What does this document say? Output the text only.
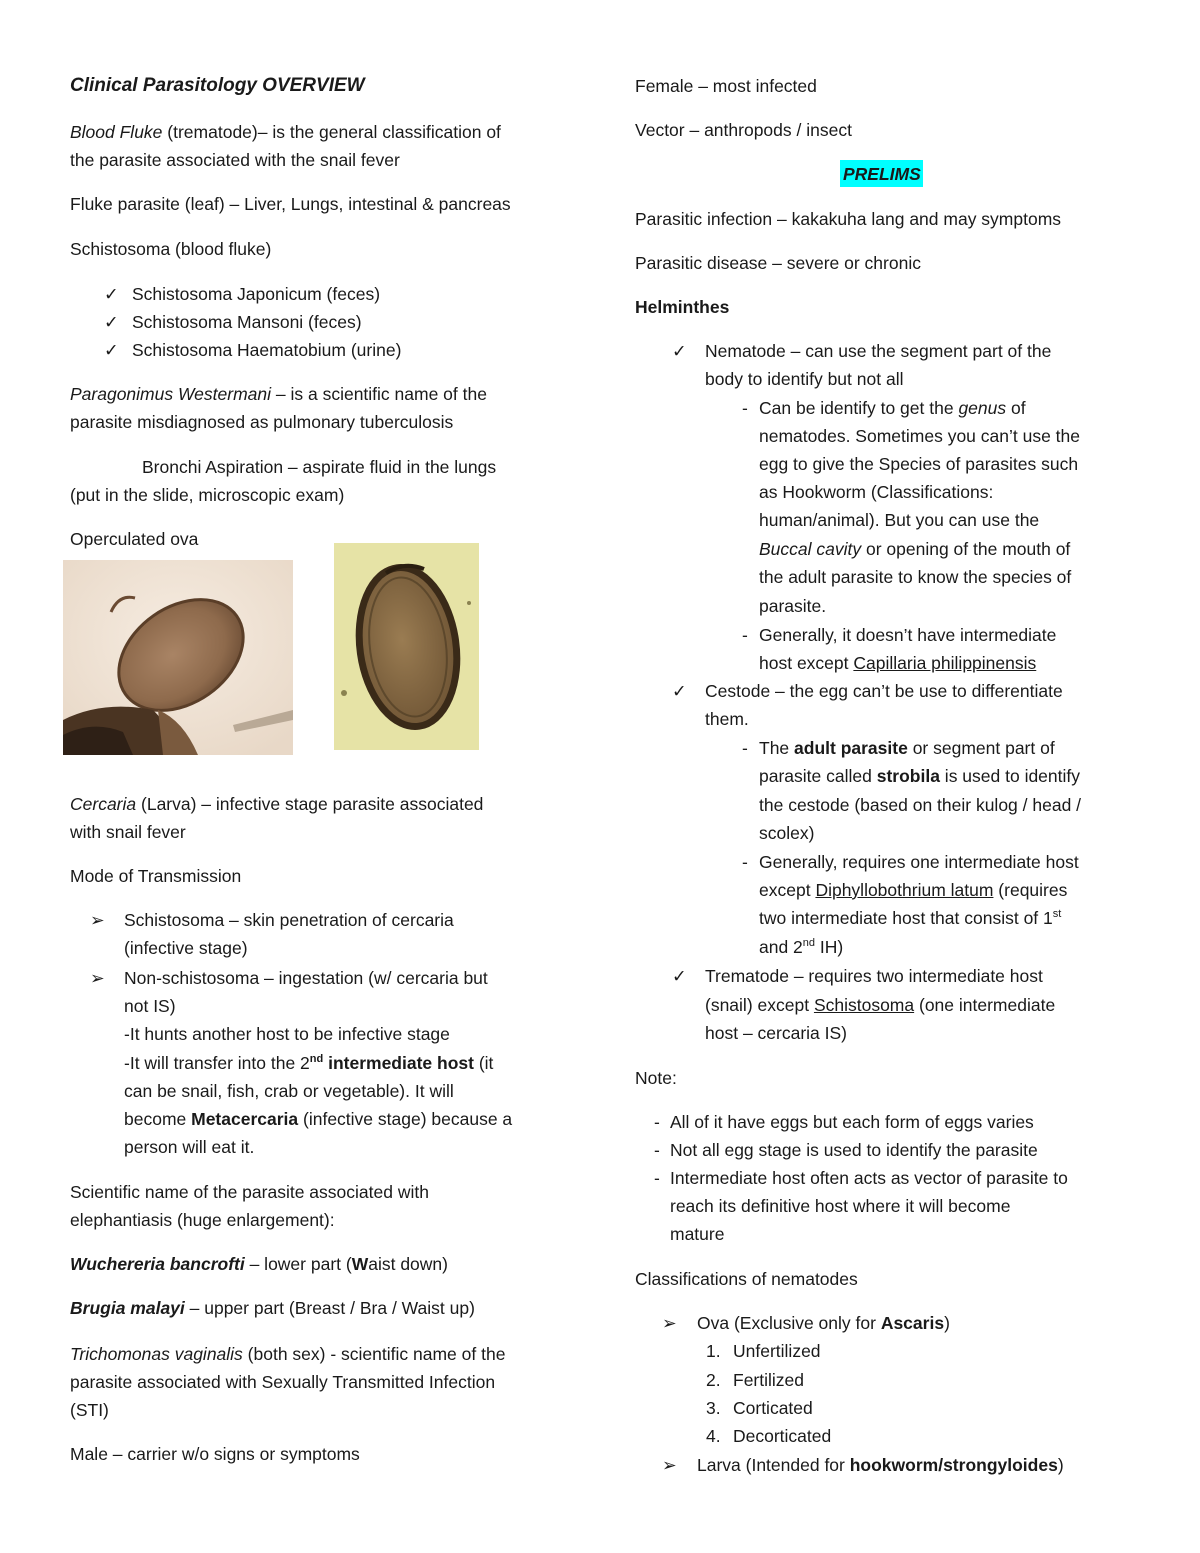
Clinical Parasitology OVERVIEW
Blood Fluke (trematode)– is the general classification of
the parasite associated with the snail fever
Fluke parasite (leaf) – Liver, Lungs, intestinal & pancreas
Schistosoma (blood fluke)
✓ Schistosoma Japonicum (feces)
✓ Schistosoma Mansoni (feces)
✓ Schistosoma Haematobium (urine)
Paragonimus Westermani – is a scientific name of the
parasite misdiagnosed as pulmonary tuberculosis
Bronchi Aspiration – aspirate fluid in the lungs
(put in the slide, microscopic exam)
Operculated ova
Cercaria (Larva) – infective stage parasite associated
with snail fever
Mode of Transmission
➢ Schistosoma – skin penetration of cercaria
(infective stage)
➢ Non-schistosoma – ingestation (w/ cercaria but
not IS)
-It hunts another host to be infective stage
-It will transfer into the 2nd intermediate host (it
can be snail, fish, crab or vegetable). It will
become Metacercaria (infective stage) because a
person will eat it.
Scientific name of the parasite associated with
elephantiasis (huge enlargement):
Wuchereria bancrofti – lower part (Waist down)
Brugia malayi – upper part (Breast / Bra / Waist up)
Trichomonas vaginalis (both sex) - scientific name of the
parasite associated with Sexually Transmitted Infection
(STI)
Male – carrier w/o signs or symptoms
Female – most infected
Vector – anthropods / insect
PRELIMS
Parasitic infection – kakakuha lang and may symptoms
Parasitic disease – severe or chronic
Helminthes
✓ Nematode – can use the segment part of the
body to identify but not all
- Can be identify to get the genus of
nematodes. Sometimes you can’t use the
egg to give the Species of parasites such
as Hookworm (Classifications:
human/animal). But you can use the
Buccal cavity or opening of the mouth of
the adult parasite to know the species of
parasite.
- Generally, it doesn’t have intermediate
host except Capillaria philippinensis
✓ Cestode – the egg can’t be use to differentiate
them.
- The adult parasite or segment part of
parasite called strobila is used to identify
the cestode (based on their kulog / head /
scolex)
- Generally, requires one intermediate host
except Diphyllobothrium latum (requires
two intermediate host that consist of 1st
and 2nd IH)
✓ Trematode – requires two intermediate host
(snail) except Schistosoma (one intermediate
host – cercaria IS)
Note:
- All of it have eggs but each form of eggs varies
- Not all egg stage is used to identify the parasite
- Intermediate host often acts as vector of parasite to
reach its definitive host where it will become
mature
Classifications of nematodes
➢ Ova (Exclusive only for Ascaris)
1. Unfertilized
2. Fertilized
3. Corticated
4. Decorticated
➢ Larva (Intended for hookworm/strongyloides)
